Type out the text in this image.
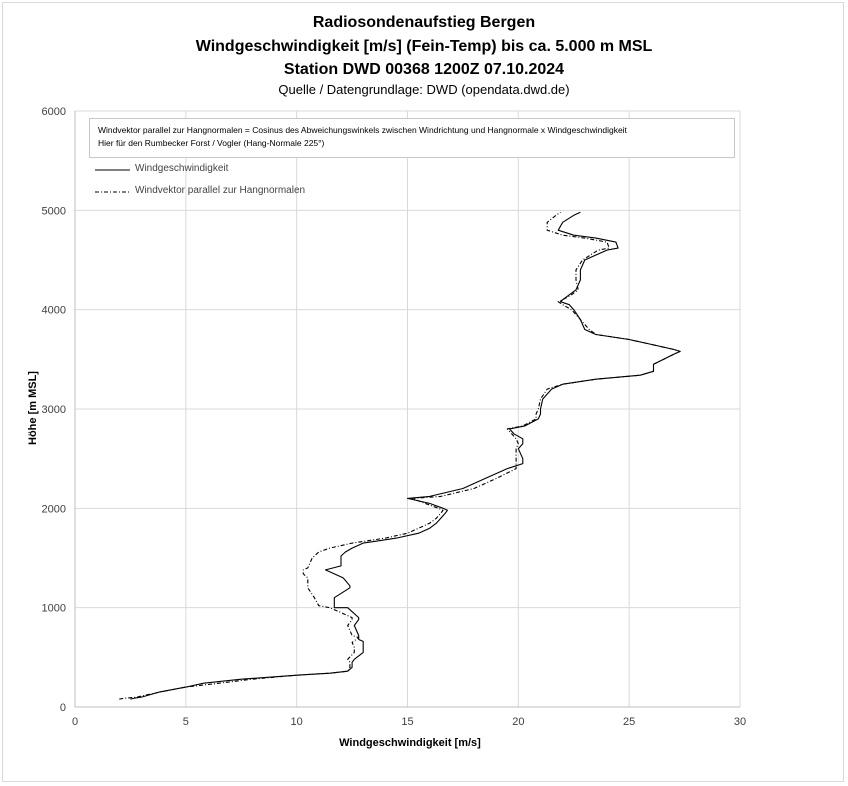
Radiosondenaufstieg Bergen
Windgeschwindigkeit [m/s] (Fein-Temp) bis ca. 5.000 m MSL
Station DWD 00368 1200Z 07.10.2024
Quelle / Datengrundlage: DWD (opendata.dwd.de)
0
1000
2000
3000
4000
5000
6000
0	5	10	15	20	25	30
Windvektor parallel zur Hangnormalen = Cosinus des Abweichungswinkels zwischen Windrichtung und Hangnormale x Windgeschwindigkeit
Hier für den Rumbecker Forst / Vogler (Hang-Normale 225°)
Windgeschwindigkeit
Windvektor parallel zur Hangnormalen
Windgeschwindigkeit [m/s]
Höhe [m MSL]
